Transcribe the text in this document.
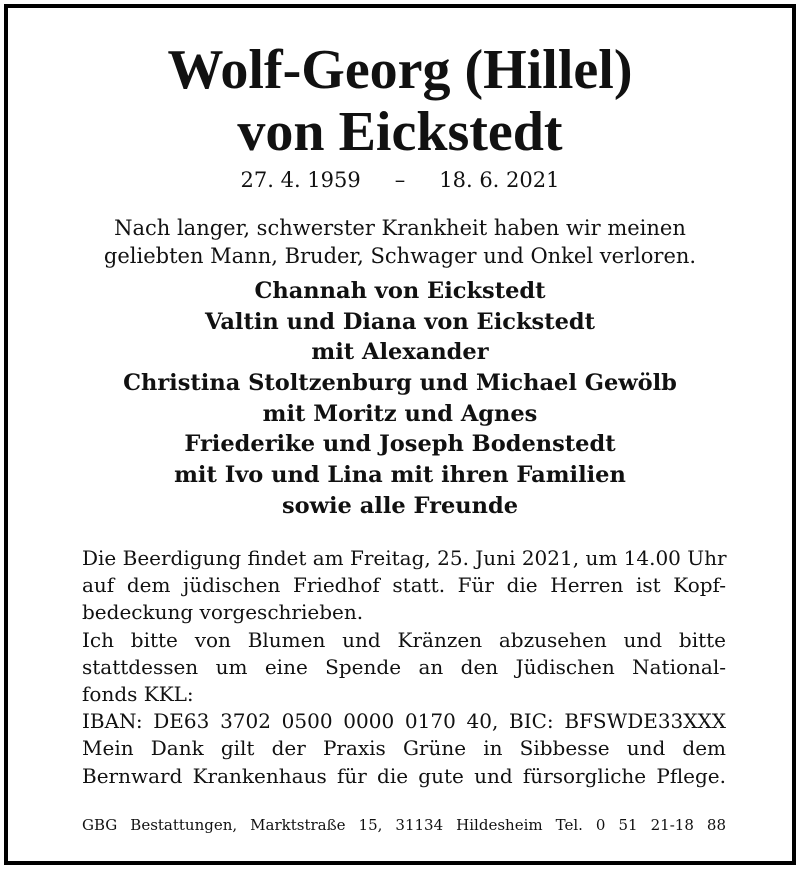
Wolf-Georg (Hillel)
von Eickstedt
27. 4. 1959 – 18. 6. 2021
Nach langer, schwerster Krankheit haben wir meinen
geliebten Mann, Bruder, Schwager und Onkel verloren.
Channah von Eickstedt
Valtin und Diana von Eickstedt
mit Alexander
Christina Stoltzenburg und Michael Gewölb
mit Moritz und Agnes
Friederike und Joseph Bodenstedt
mit Ivo und Lina mit ihren Familien
sowie alle Freunde
Die Beerdigung findet am Freitag, 25. Juni 2021, um 14.00 Uhr
auf dem jüdischen Friedhof statt. Für die Herren ist Kopf-
bedeckung vorgeschrieben.
Ich bitte von Blumen und Kränzen abzusehen und bitte
stattdessen um eine Spende an den Jüdischen National-
fonds KKL:
IBAN: DE63 3702 0500 0000 0170 40, BIC: BFSWDE33XXX
Mein Dank gilt der Praxis Grüne in Sibbesse und dem
Bernward Krankenhaus für die gute und fürsorgliche Pflege.
GBG Bestattungen, Marktstraße 15, 31134 Hildesheim Tel. 0 51 21-18 88
